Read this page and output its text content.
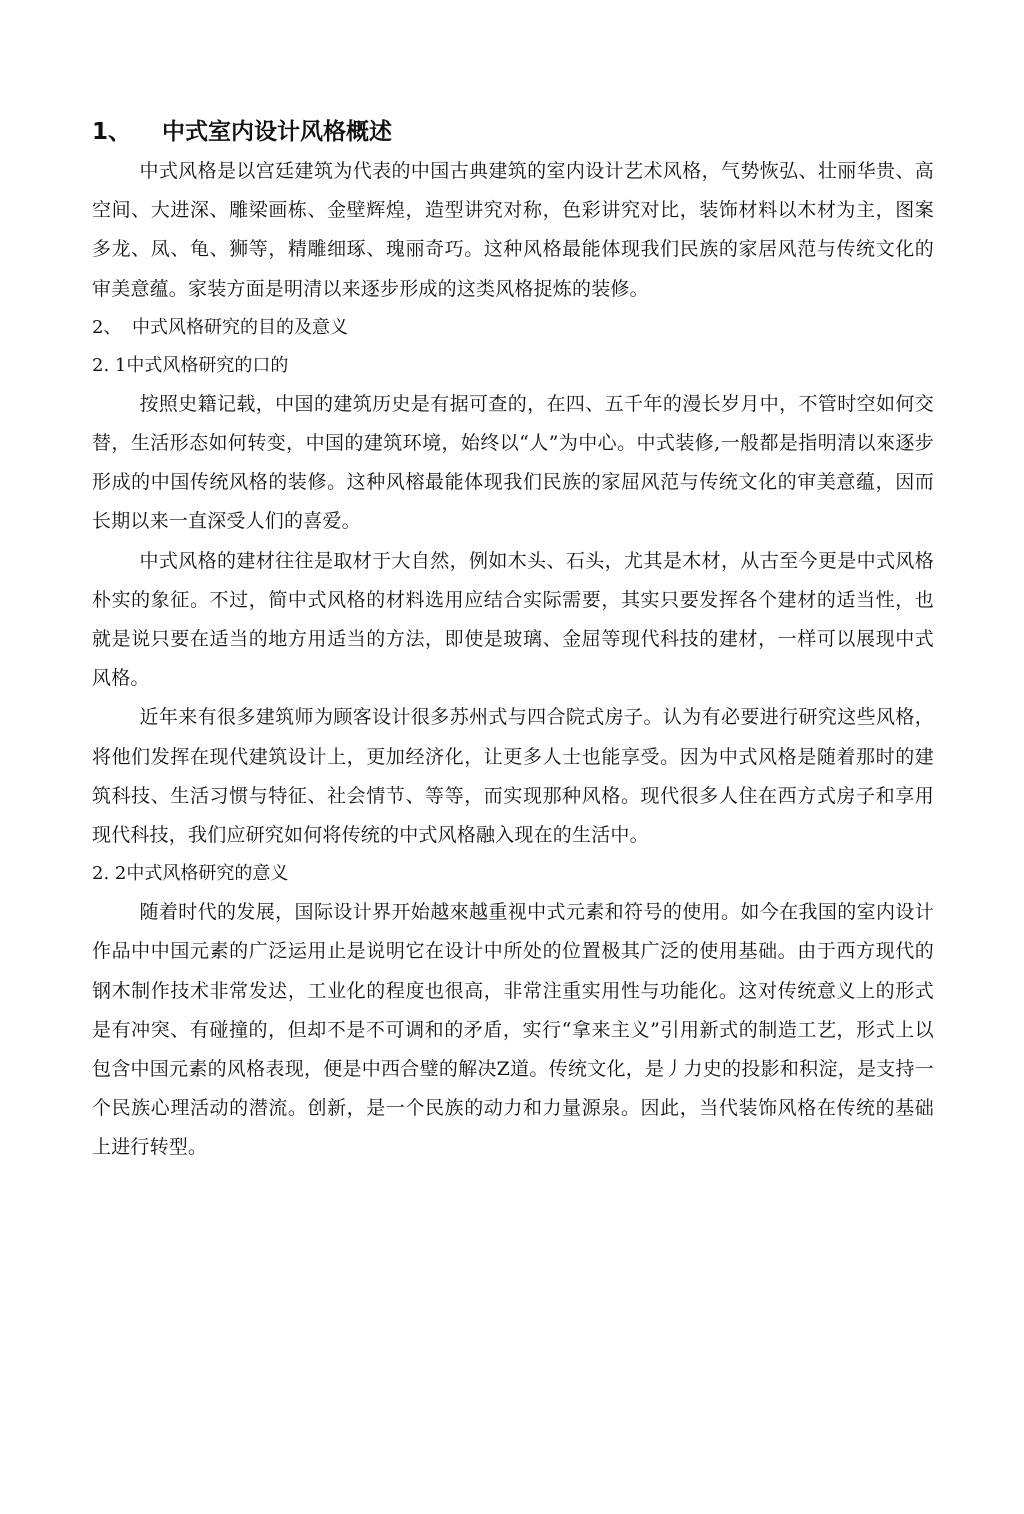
1、	中式室内设计风格概述

中式风格是以宫廷建筑为代表的中国古典建筑的室内设计艺术风格，气势恢弘、壮丽华贵、高空间、大进深、雕梁画栋、金壁辉煌，造型讲究对称，色彩讲究对比，装饰材料以木材为主，图案多龙、凤、龟、狮等，精雕细琢、瑰丽奇巧。这种风格最能体现我们民族的家居风范与传统文化的审美意蕴。家装方面是明清以来逐步形成的这类风格捉炼的装修。

2、 中式风格研究的目的及意义

2. 1中式风格研究的口的

按照史籍记载，中国的建筑历史是有据可查的，在四、五千年的漫长岁月中，不管时空如何交替，生活形态如何转变，中国的建筑环境，始终以“人”为中心。中式装修,一般都是指明清以來逐步形成的中国传统风格的装修。这种风榕最能体现我们民族的家屈风范与传统文化的审美意蕴，因而长期以来一直深受人们的喜爱。

中式风格的建材往往是取材于大自然，例如木头、石头，尤其是木材，从古至今更是中式风格朴实的象征。不过，简中式风格的材料选用应结合实际需要，其实只要发挥各个建材的适当性，也就是说只要在适当的地方用适当的方法，即使是玻璃、金屈等现代科技的建材，一样可以展现中式风格。

近年来有很多建筑师为顾客设计很多苏州式与四合院式房子。认为有必要进行研究这些风格，将他们发挥在现代建筑设计上，更加经济化，让更多人士也能享受。因为中式风格是随着那时的建筑科技、生活习惯与特征、社会情节、等等，而实现那种风格。现代很多人住在西方式房子和享用现代科技，我们应研究如何将传统的中式风格融入现在的生活中。

2. 2中式风格研究的意义

随着时代的发展，国际设计界开始越來越重视中式元素和符号的使用。如今在我国的室内设计作品中中国元素的广泛运用止是说明它在设计中所处的位置极其广泛的使用基础。由于西方现代的钢木制作技术非常发迖，工业化的程度也很高，非常注重实用性与功能化。这对传统意义上的形式是有冲突、有碰撞的，但却不是不可调和的矛盾，实行“拿来主义”引用新式的制造工艺，形式上以包含中国元素的风格表现，便是中西合璧的解决Z道。传统文化，是丿力史的投影和积淀，是支持一个民族心理活动的潜流。创新，是一个民族的动力和力量源泉。因此，当代装饰风格在传统的基础上进行转型。
